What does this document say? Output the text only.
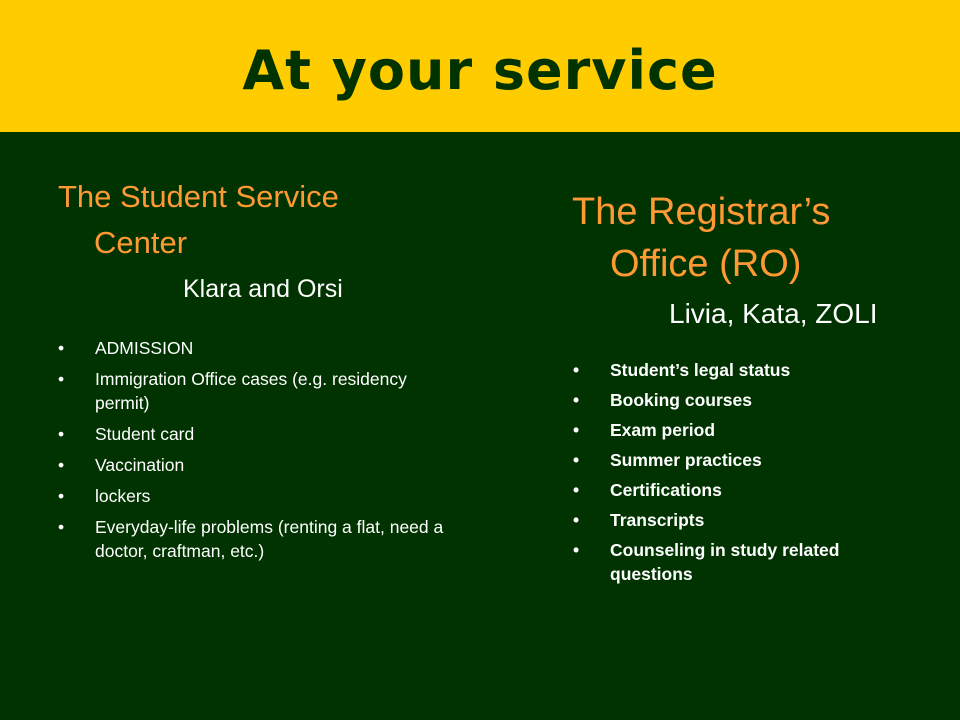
At your service
The Student Service
Center
Klara and Orsi
•	ADMISSION
•	Immigration Office cases (e.g. residency permit)
•	Student card
•	Vaccination
•	lockers
•	Everyday-life problems (renting a flat, need a doctor, craftman, etc.)
The Registrar’s
Office (RO)
Livia, Kata, ZOLI
•	Student’s legal status
•	Booking courses
•	Exam period
•	Summer practices
•	Certifications
•	Transcripts
•	Counseling in study related questions
